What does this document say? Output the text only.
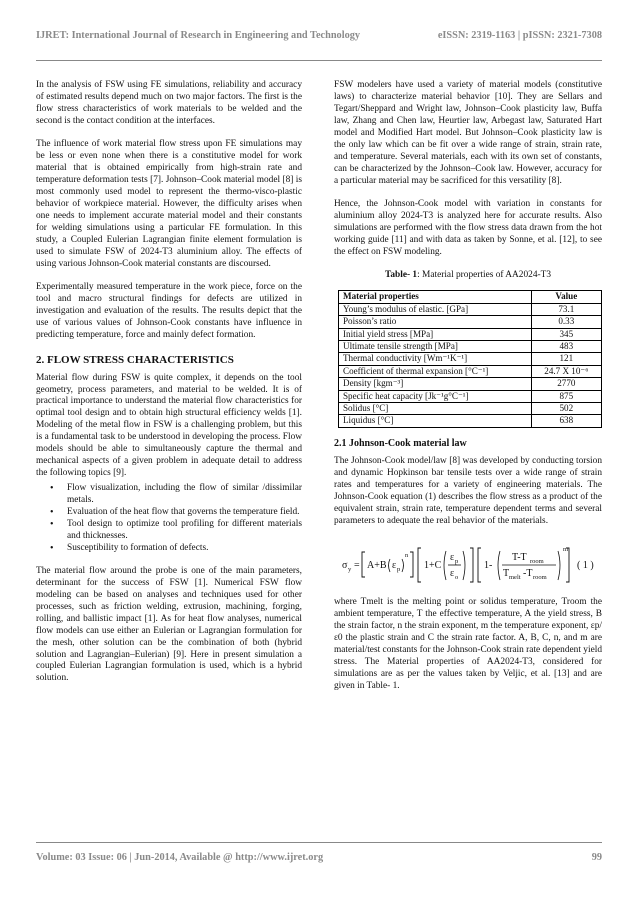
IJRET: International Journal of Research in Engineering and Technology	eISSN: 2319-1163 | pISSN: 2321-7308

In the analysis of FSW using FE simulations, reliability and accuracy of estimated results depend much on two major factors. The first is the flow stress characteristics of work materials to be welded and the second is the contact condition at the interfaces.

The influence of work material flow stress upon FE simulations may be less or even none when there is a constitutive model for work material that is obtained empirically from high-strain rate and temperature deformation tests [7]. Johnson–Cook material model [8] is most commonly used model to represent the thermo-visco-plastic behavior of workpiece material. However, the difficulty arises when one needs to implement accurate material model and their constants for welding simulations using a particular FE formulation. In this study, a Coupled Eulerian Lagrangian finite element formulation is used to simulate FSW of 2024-T3 aluminium alloy. The effects of using various Johnson-Cook material constants are discoursed.

Experimentally measured temperature in the work piece, force on the tool and macro structural findings for defects are utilized in investigation and evaluation of the results. The results depict that the use of various values of Johnson-Cook constants have influence in predicting temperature, force and mainly defect formation.

2. FLOW STRESS CHARACTERISTICS

Material flow during FSW is quite complex, it depends on the tool geometry, process parameters, and material to be welded. It is of practical importance to understand the material flow characteristics for optimal tool design and to obtain high structural efficiency welds [1]. Modeling of the metal flow in FSW is a challenging problem, but this is a fundamental task to be understood in developing the process. Flow models should be able to simultaneously capture the thermal and mechanical aspects of a given problem in adequate detail to address the following topics [9].

• Flow visualization, including the flow of similar /dissimilar metals.
• Evaluation of the heat flow that governs the temperature field.
• Tool design to optimize tool profiling for different materials and thicknesses.
• Susceptibility to formation of defects.

The material flow around the probe is one of the main parameters, determinant for the success of FSW [1]. Numerical FSW flow modeling can be based on analyses and techniques used for other processes, such as friction welding, extrusion, machining, forging, rolling, and ballistic impact [1]. As for heat flow analyses, numerical flow models can use either an Eulerian or Lagrangian formulation for the mesh, other solution can be the combination of both (hybrid solution and Lagrangian–Eulerian) [9]. Here in present simulation a coupled Eulerian Lagrangian formulation is used, which is a hybrid solution.

FSW modelers have used a variety of material models (constitutive laws) to characterize material behavior [10]. They are Sellars and Tegart/Sheppard and Wright law, Johnson–Cook plasticity law, Buffa law, Zhang and Chen law, Heurtier law, Arbegast law, Saturated Hart model and Modified Hart model. But Johnson–Cook plasticity law is the only law which can be fit over a wide range of strain, strain rate, and temperature. Several materials, each with its own set of constants, can be characterized by the Johnson–Cook law. However, accuracy for a particular material may be sacrificed for this versatility [8].

Hence, the Johnson-Cook model with variation in constants for aluminium alloy 2024-T3 is analyzed here for accurate results. Also simulations are performed with the flow stress data drawn from the hot working guide [11] and with data as taken by Sonne, et al. [12], to see the effect on FSW modeling.

Table- 1: Material properties of AA2024-T3
Material properties	Value
Young’s modulus of elastic. [GPa]	73.1
Poisson’s ratio	0.33
Initial yield stress [MPa]	345
Ultimate tensile strength [MPa]	483
Thermal conductivity [Wm⁻¹K⁻¹]	121
Coefficient of thermal expansion [°C⁻¹]	24.7 X 10⁻⁶
Density [kgm⁻³]	2770
Specific heat capacity [Jk⁻¹g°C⁻¹]	875
Solidus [°C]	502
Liquidus [°C]	638
2.1 Johnson-Cook material law

The Johnson-Cook model/law [8] was developed by conducting torsion and dynamic Hopkinson bar tensile tests over a wide range of strain rates and temperatures for a variety of engineering materials. The Johnson-Cook equation (1) describes the flow stress as a product of the equivalent strain, strain rate, temperature dependent terms and several parameters to adequate the real behavior of the materials.

σ y = A+B ε p
n
1+C
ε p
ε o
1-
T-T room
T melt -T room
m
( 1 )

where Tmelt is the melting point or solidus temperature, Troom the ambient temperature, T the effective temperature, A the yield stress, B the strain factor, n the strain exponent, m the temperature exponent, εp/ε0 the plastic strain and C the strain rate factor. A, B, C, n, and m are material/test constants for the Johnson-Cook strain rate dependent yield stress. The Material properties of AA2024-T3, considered for simulations are as per the values taken by Veljic, et al. [13] and are given in Table- 1.

Volume: 03 Issue: 06 | Jun-2014, Available @ http://www.ijret.org	99
